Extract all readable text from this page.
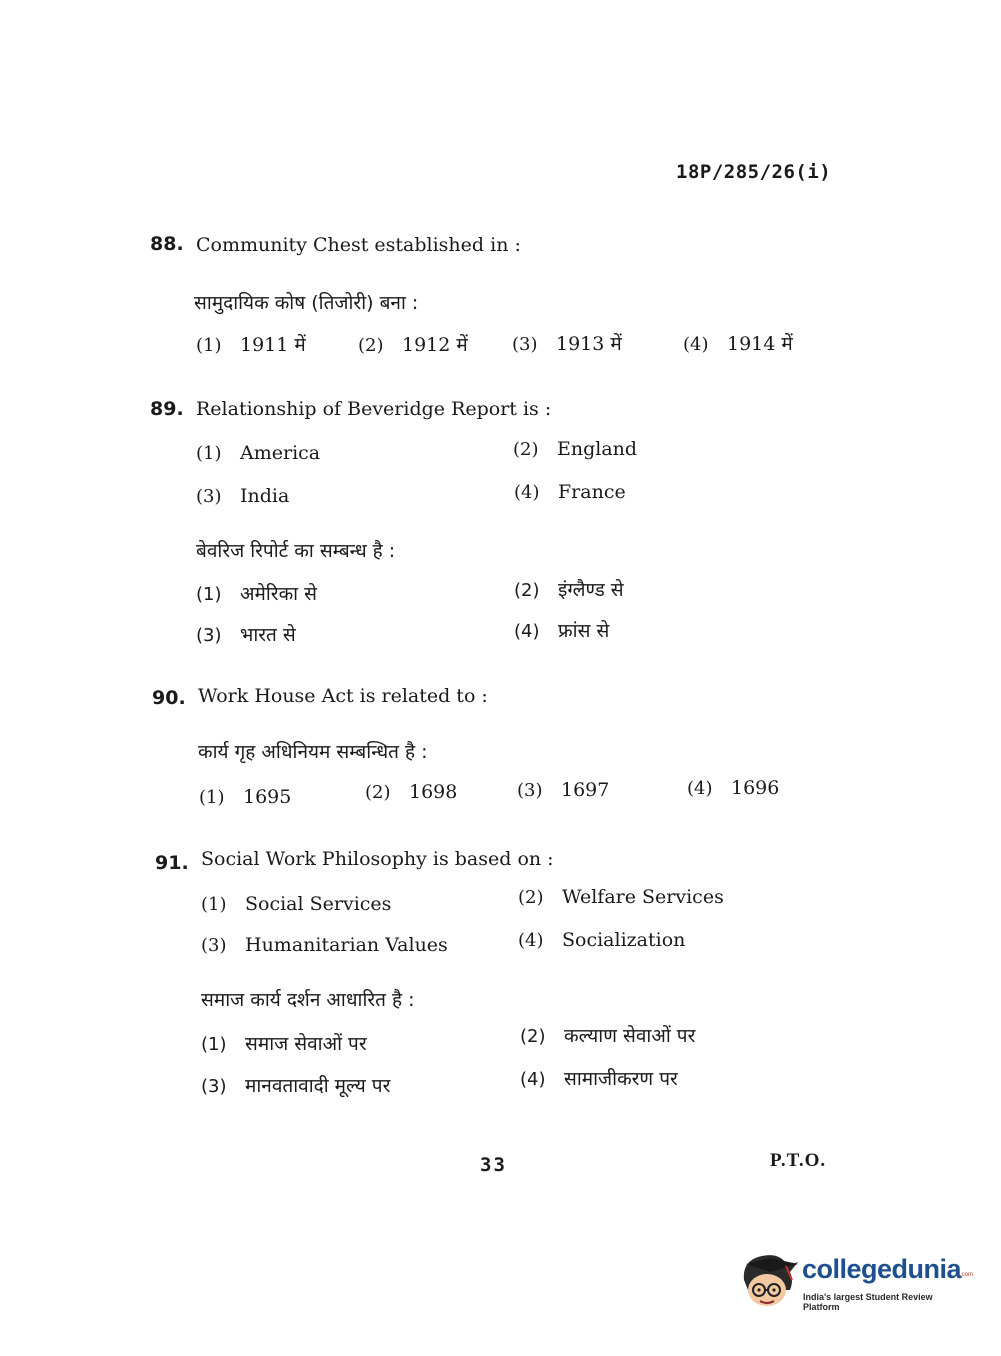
18P/285/26(i)
88. Community Chest established in :
सामुदायिक कोष (तिजोरी) बना :
(1) 1911 में	(2) 1912 में (3) 1913 में	(4) 1914 में
89. Relationship of Beveridge Report is :
(1) America	(2) England
(3) India	(4) France
बेवरिज रिपोर्ट का सम्बन्ध है :
(1) अमेरिका से	(2) इंग्लैण्ड से
(3) भारत से	(4) फ्रांस से
90. Work House Act is related to :
कार्य गृह अधिनियम सम्बन्धित है :
(1) 1695	(2) 1698	(3) 1697	(4) 1696
91. Social Work Philosophy is based on :
(1) Social Services	(2) Welfare Services
(3) Humanitarian Values	(4) Socialization
समाज कार्य दर्शन आधारित है :
(1) समाज सेवाओं पर	(2) कल्याण सेवाओं पर
(3) मानवतावादी मूल्य पर	(4) सामाजीकरण पर
33	P.T.O.
collegedunia
.com
India's largest Student Review Platform
